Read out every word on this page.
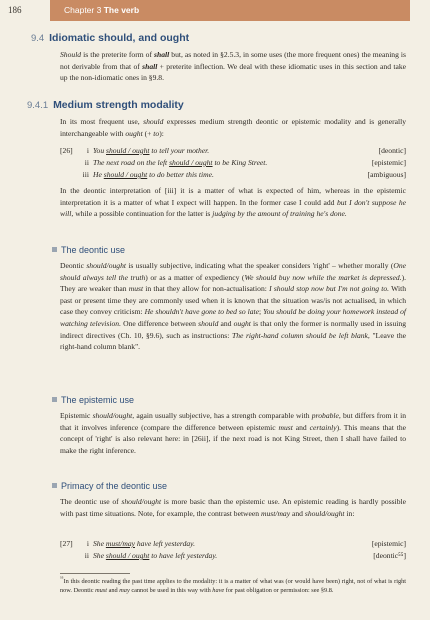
186	Chapter 3 The verb
9.4 Idiomatic should, and ought

Should is the preterite form of shall but, as noted in §2.5.3, in some uses (the more frequent ones) the meaning is not derivable from that of shall + preterite inflection. We deal with these idiomatic uses in this section and take up the non-idiomatic ones in §9.8.

9.4.1 Medium strength modality

In its most frequent use, should expresses medium strength deontic or epistemic modality and is generally interchangeable with ought (+ to):

[26]	i You should / ought to tell your mother.	[deontic]
ii The next road on the left should / ought to be King Street.	[epistemic]
iii He should / ought to do better this time.	[ambiguous]

In the deontic interpretation of [iii] it is a matter of what is expected of him, whereas in the epistemic interpretation it is a matter of what I expect will happen. In the former case I could add but I don't suppose he will, while a possible continuation for the latter is judging by the amount of training he's done.

The deontic use

Deontic should/ought is usually subjective, indicating what the speaker considers 'right' – whether morally (One should always tell the truth) or as a matter of expediency (We should buy now while the market is depressed.). They are weaker than must in that they allow for non-actualisation: I should stop now but I'm not going to. With past or present time they are commonly used when it is known that the situation was/is not actualised, in which case they convey criticism: He shouldn't have gone to bed so late; You should be doing your homework instead of watching television. One difference between should and ought is that only the former is normally used in issuing indirect directives (Ch. 10, §9.6), such as instructions: The right-hand column should be left blank, "Leave the right-hand column blank".

The epistemic use

Epistemic should/ought, again usually subjective, has a strength comparable with probable, but differs from it in that it involves inference (compare the difference between epistemic must and certainly). This means that the concept of 'right' is also relevant here: in [26ii], if the next road is not King Street, then I shall have failed to make the right inference.

Primacy of the deontic use

The deontic use of should/ought is more basic than the epistemic use. An epistemic reading is hardly possible with past time situations. Note, for example, the contrast between must/may and should/ought in:

[27]	i She must/may have left yesterday.	[epistemic]
ii She should / ought to have left yesterday.	[deontic⁵⁵]

$^{^{55}}$In this deontic reading the past time applies to the modality: it is a matter of what was (or would have been) right, not of what is right now. Deontic must and may cannot be used in this way with have for past obligation or permission: see §9.8.
